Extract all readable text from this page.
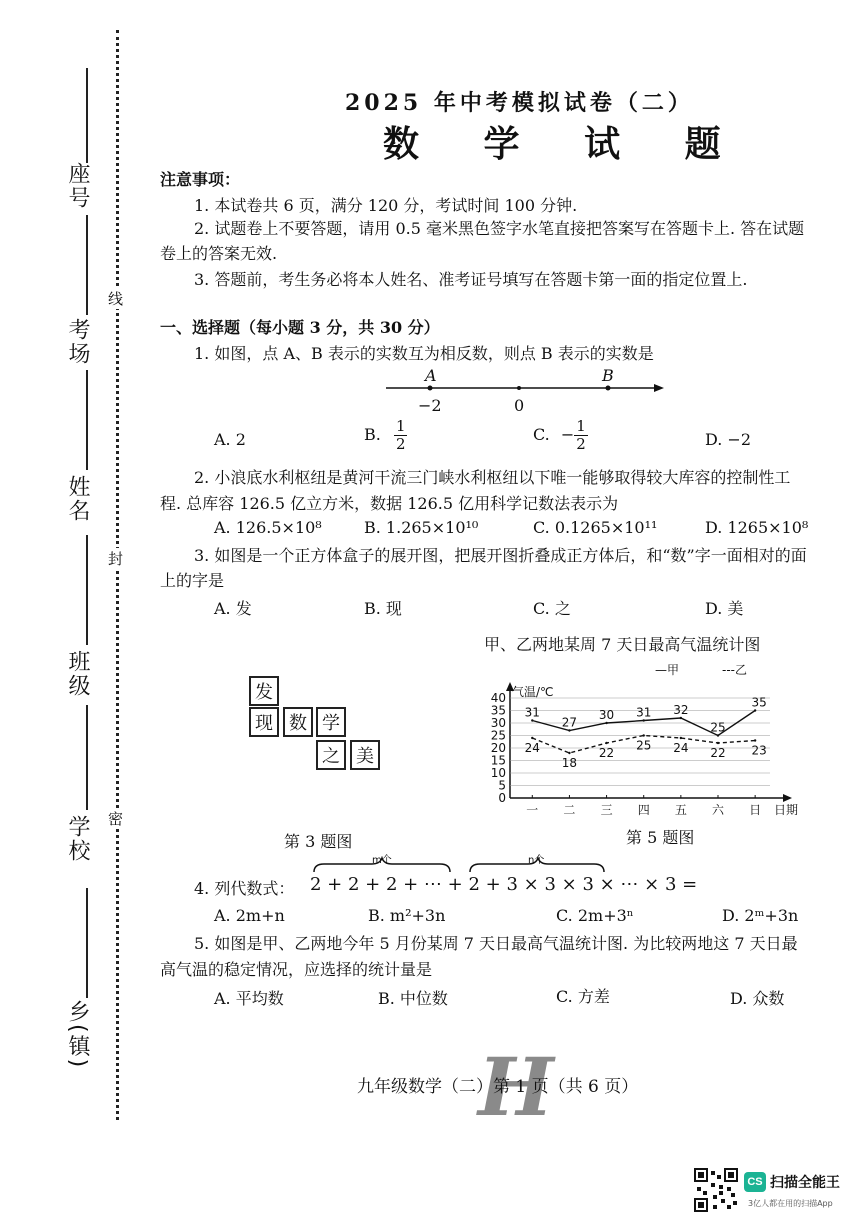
座号
考场
姓名
班级
学校
乡(镇)
线
封
密
2025 年中考模拟试卷（二）
数 学 试 题
注意事项：
1. 本试卷共 6 页，满分 120 分，考试时间 100 分钟.
2. 试题卷上不要答题，请用 0.5 毫米黑色签字水笔直接把答案写在答题卡上. 答在试题
卷上的答案无效.
3. 答题前，考生务必将本人姓名、准考证号填写在答题卡第一面的指定位置上.
一、选择题（每小题 3 分，共 30 分）
1. 如图，点 A、B 表示的实数互为相反数，则点 B 表示的实数是
A	B
−2	0
A. 2	B. $\frac{1}{2}$	C. − $\frac{1}{2}$	D. −2
2. 小浪底水利枢纽是黄河干流三门峡水利枢纽以下唯一能够取得较大库容的控制性工
程. 总库容 126.5 亿立方米，数据 126.5 亿用科学记数法表示为
A. 126.5×10⁸	B. 1.265×10¹⁰	C. 0.1265×10¹¹	D. 1265×10⁸
3. 如图是一个正方体盒子的展开图，把展开图折叠成正方体后，和“数”字一面相对的面
上的字是
A. 发	B. 现	C. 之	D. 美
发
现 数 学
之 美
第 3 题图
甲、乙两地某周 7 天日最高气温统计图
0
5
10
15
20
25
30
35
40
一 二 三 四 五 六 日
气温/℃
日期
—甲	---乙
31
27
30 31 32
25
35
24
18
22
25 24 22 23
第 5 题图
4. 列代数式：
m个	n个
2 + 2 + 2 + ⋯ + 2 + 3 × 3 × 3 × ⋯ × 3 =
A. 2m+n	B. m²+3n	C. 2m+3ⁿ	D. 2ᵐ+3n
5. 如图是甲、乙两地今年 5 月份某周 7 天日最高气温统计图. 为比较两地这 7 天日最
高气温的稳定情况，应选择的统计量是
A. 平均数	B. 中位数	C. 方差	D. 众数
H
九年级数学（二）第 1 页（共 6 页）
CS 扫描全能王
3亿人都在用的扫描App
